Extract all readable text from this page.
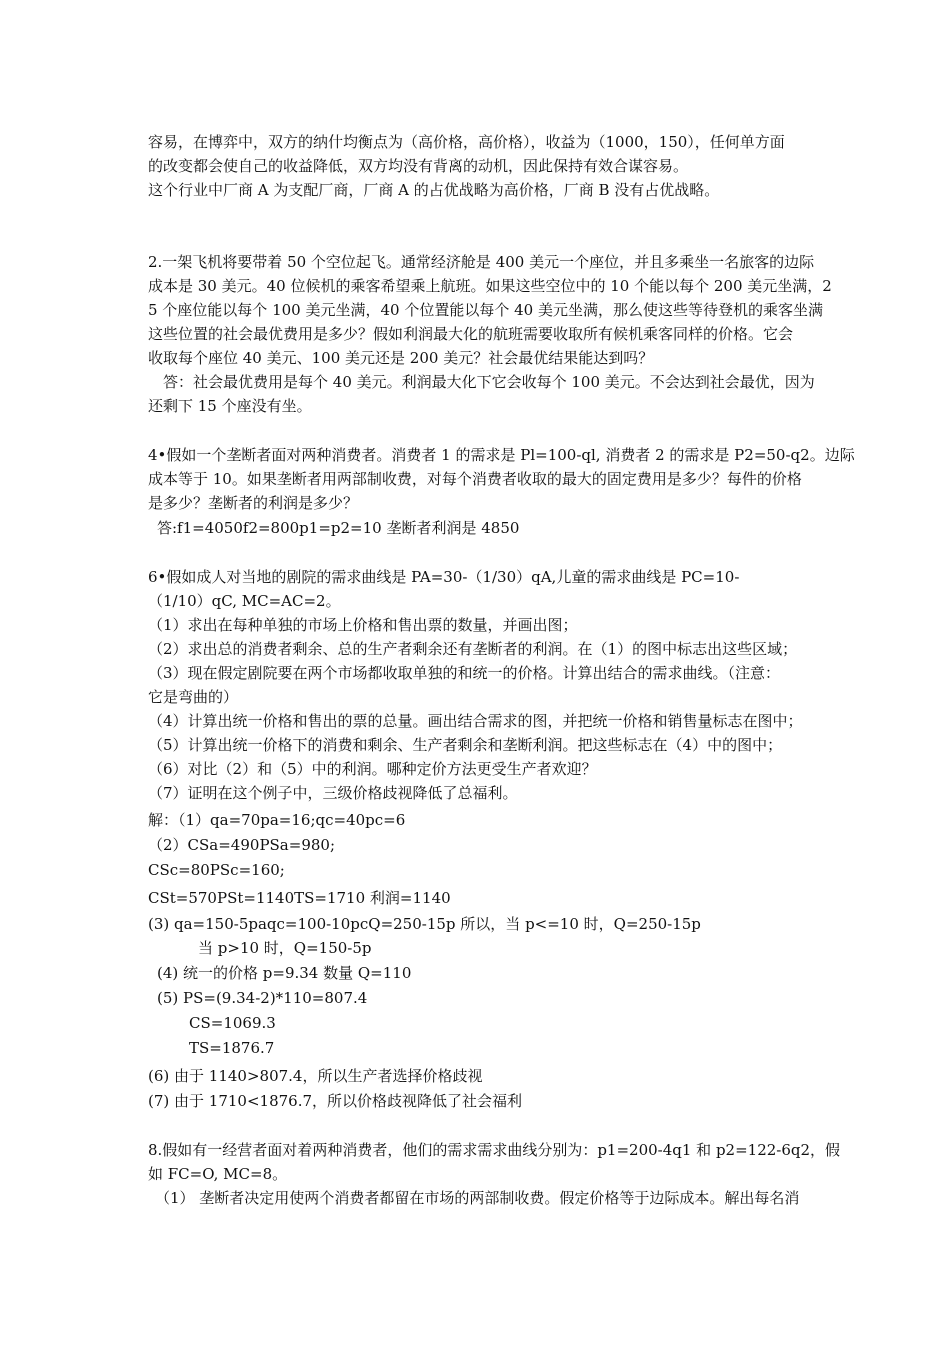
容易，在博弈中，双方的纳什均衡点为（高价格，高价格），收益为（1000，150），任何单方面
的改变都会使自己的收益降低，双方均没有背离的动机，因此保持有效合谋容易。
这个行业中厂商 A 为支配厂商，厂商 A 的占优战略为高价格，厂商 B 没有占优战略。
2.一架飞机将要带着 50 个空位起飞。通常经济舱是 400 美元一个座位，并且多乘坐一名旅客的边际
成本是 30 美元。40 位候机的乘客希望乘上航班。如果这些空位中的 10 个能以每个 200 美元坐满，2
5 个座位能以每个 100 美元坐满，40 个位置能以每个 40 美元坐满，那么使这些等待登机的乘客坐满
这些位置的社会最优费用是多少？假如利润最大化的航班需要收取所有候机乘客同样的价格。它会
收取每个座位 40 美元、100 美元还是 200 美元？社会最优结果能达到吗？
答：社会最优费用是每个 40 美元。利润最大化下它会收每个 100 美元。不会达到社会最优，因为
还剩下 15 个座没有坐。
4•假如一个垄断者面对两种消费者。消费者 1 的需求是 Pl=100-ql, 消费者 2 的需求是 P2=50-q2。边际
成本等于 10。如果垄断者用两部制收费，对每个消费者收取的最大的固定费用是多少？每件的价格
是多少？垄断者的利润是多少？
答:f1=4050f2=800p1=p2=10 垄断者利润是 4850
6•假如成人对当地的剧院的需求曲线是 PA=30-（1/30）qA,儿童的需求曲线是 PC=10-
（1/10）qC, MC=AC=2。
（1）求出在每种单独的市场上价格和售出票的数量，并画出图；
（2）求出总的消费者剩余、总的生产者剩余还有垄断者的利润。在（1）的图中标志出这些区域；
（3）现在假定剧院要在两个市场都收取单独的和统一的价格。计算出结合的需求曲线。（注意：
它是弯曲的）
（4）计算出统一价格和售出的票的总量。画出结合需求的图，并把统一价格和销售量标志在图中；
（5）计算出统一价格下的消费和剩余、生产者剩余和垄断利润。把这些标志在（4）中的图中；
（6）对比（2）和（5）中的利润。哪种定价方法更受生产者欢迎？
（7）证明在这个例子中，三级价格歧视降低了总福利。
解：（1）qa=70pa=16;qc=40pc=6
（2）CSa=490PSa=980;
CSc=80PSc=160;
CSt=570PSt=1140TS=1710 利润=1140
(3) qa=150-5paqc=100-10pcQ=250-15p 所以，当 p<=10 时，Q=250-15p
当 p>10 时，Q=150-5p
(4) 统一的价格 p=9.34 数量 Q=110
(5) PS=(9.34-2)*110=807.4
CS=1069.3
TS=1876.7
(6) 由于 1140>807.4，所以生产者选择价格歧视
(7) 由于 1710<1876.7，所以价格歧视降低了社会福利
8.假如有一经营者面对着两种消费者，他们的需求需求曲线分别为：p1=200-4q1 和 p2=122-6q2，假
如 FC=O, MC=8。
（1） 垄断者决定用使两个消费者都留在市场的两部制收费。假定价格等于边际成本。解出每名消
